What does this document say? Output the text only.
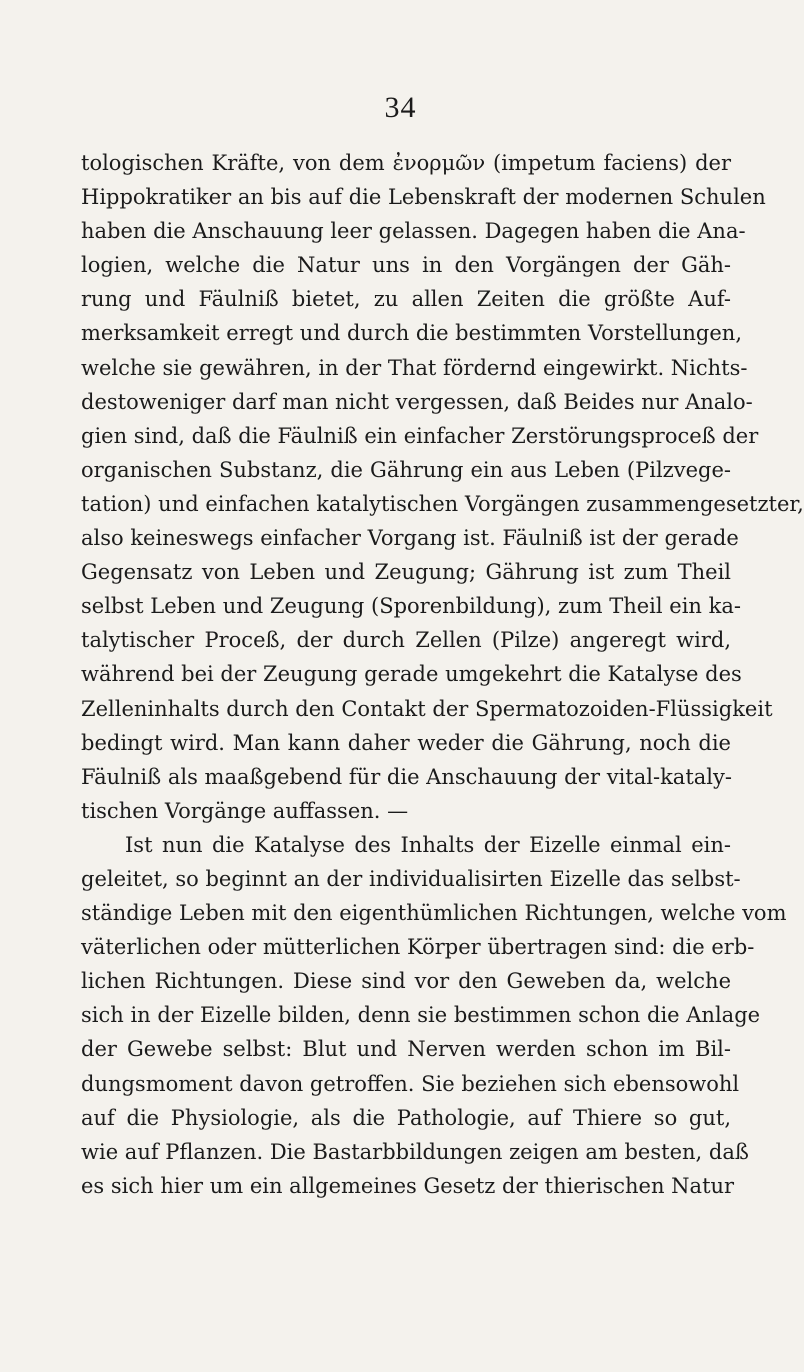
34
tologischen Kräfte, von dem ἐνορμῶν (impetum faciens) der
Hippokratiker an bis auf die Lebenskraft der modernen Schulen
haben die Anschauung leer gelassen. Dagegen haben die Ana-
logien, welche die Natur uns in den Vorgängen der Gäh-
rung und Fäulniß bietet, zu allen Zeiten die größte Auf-
merksamkeit erregt und durch die bestimmten Vorstellungen,
welche sie gewähren, in der That fördernd eingewirkt. Nichts-
destoweniger darf man nicht vergessen, daß Beides nur Analo-
gien sind, daß die Fäulniß ein einfacher Zerstörungsproceß der
organischen Substanz, die Gährung ein aus Leben (Pilzvege-
tation) und einfachen katalytischen Vorgängen zusammengesetzter,
also keineswegs einfacher Vorgang ist. Fäulniß ist der gerade
Gegensatz von Leben und Zeugung; Gährung ist zum Theil
selbst Leben und Zeugung (Sporenbildung), zum Theil ein ka-
talytischer Proceß, der durch Zellen (Pilze) angeregt wird,
während bei der Zeugung gerade umgekehrt die Katalyse des
Zelleninhalts durch den Contakt der Spermatozoiden-Flüssigkeit
bedingt wird. Man kann daher weder die Gährung, noch die
Fäulniß als maaßgebend für die Anschauung der vital-kataly-
tischen Vorgänge auffassen. —
Ist nun die Katalyse des Inhalts der Eizelle einmal ein-
geleitet, so beginnt an der individualisirten Eizelle das selbst-
ständige Leben mit den eigenthümlichen Richtungen, welche vom
väterlichen oder mütterlichen Körper übertragen sind: die erb-
lichen Richtungen. Diese sind vor den Geweben da, welche
sich in der Eizelle bilden, denn sie bestimmen schon die Anlage
der Gewebe selbst: Blut und Nerven werden schon im Bil-
dungsmoment davon getroffen. Sie beziehen sich ebensowohl
auf die Physiologie, als die Pathologie, auf Thiere so gut,
wie auf Pflanzen. Die Bastarbbildungen zeigen am besten, daß
es sich hier um ein allgemeines Gesetz der thierischen Natur
